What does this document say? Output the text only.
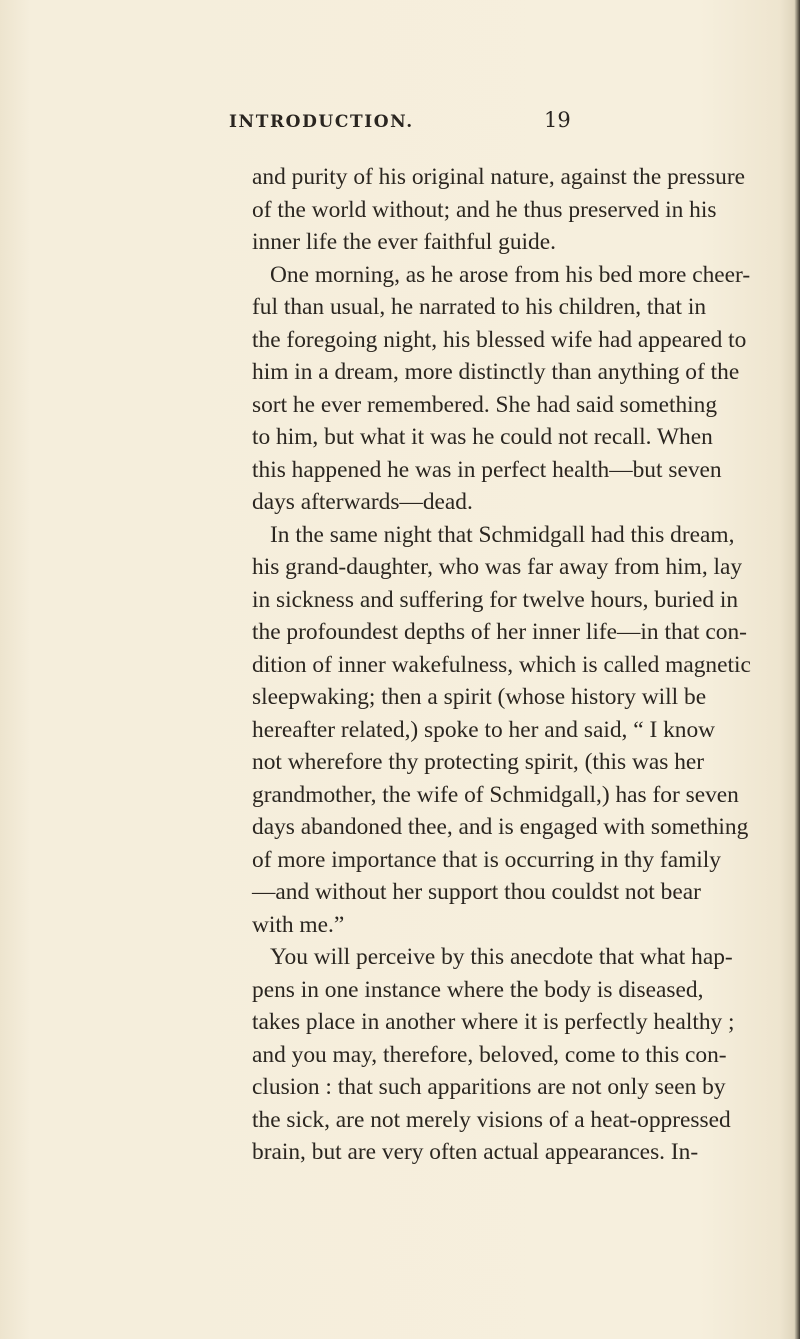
INTRODUCTION.	19
and purity of his original nature, against the pressure
of the world without; and he thus preserved in his
inner life the ever faithful guide.
One morning, as he arose from his bed more cheer-
ful than usual, he narrated to his children, that in
the foregoing night, his blessed wife had appeared to
him in a dream, more distinctly than anything of the
sort he ever remembered. She had said something
to him, but what it was he could not recall. When
this happened he was in perfect health—but seven
days afterwards—dead.
In the same night that Schmidgall had this dream,
his grand-daughter, who was far away from him, lay
in sickness and suffering for twelve hours, buried in
the profoundest depths of her inner life—in that con-
dition of inner wakefulness, which is called magnetic
sleepwaking; then a spirit (whose history will be
hereafter related,) spoke to her and said, “ I know
not wherefore thy protecting spirit, (this was her
grandmother, the wife of Schmidgall,) has for seven
days abandoned thee, and is engaged with something
of more importance that is occurring in thy family
—and without her support thou couldst not bear
with me.”
You will perceive by this anecdote that what hap-
pens in one instance where the body is diseased,
takes place in another where it is perfectly healthy ;
and you may, therefore, beloved, come to this con-
clusion : that such apparitions are not only seen by
the sick, are not merely visions of a heat-oppressed
brain, but are very often actual appearances. In-
